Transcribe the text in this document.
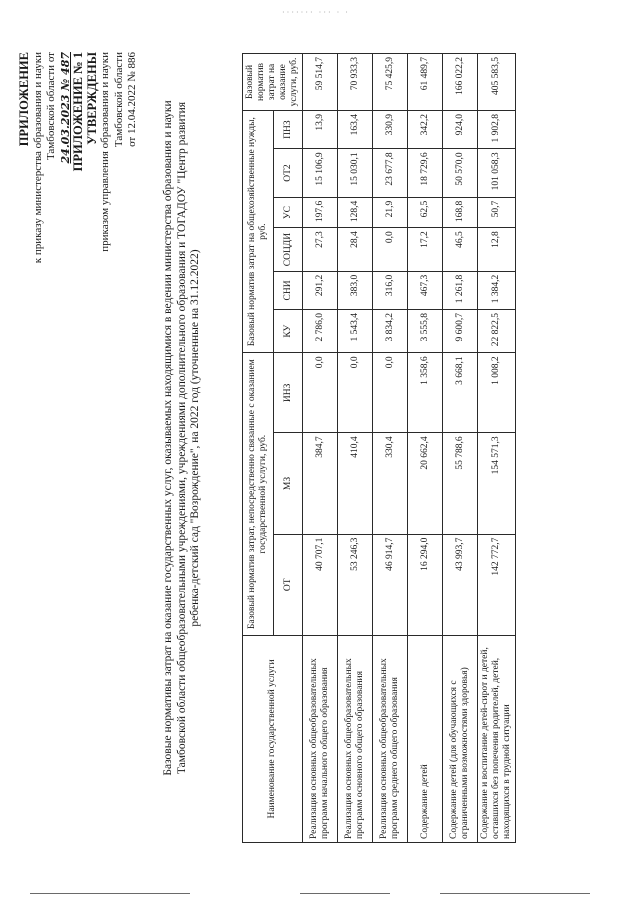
······· ··· · ·
ПРИЛОЖЕНИЕ к приказу министерства образования и науки Тамбовской области от 24.03.2023 № 487 ПРИЛОЖЕНИЕ № 1 УТВЕРЖДЕНЫ приказом управления образования и науки Тамбовской области от 12.04.2022 № 886
Базовые нормативы затрат на оказание государственных услуг, оказываемых находящимися в ведении министерства образования и науки Тамбовской области общеобразовательными учреждениями, учреждениями дополнительного образования и ТОГАДОУ "Центр развития ребенка-детский сад "Возрождение", на 2022 год (уточненные на 31.12.2022)
Наименование государственной услуги	Базовый норматив затрат, непосредственно связанные с оказанием государственной услуги, руб.			Базовый норматив затрат на общехозяйственные нужды, руб.						Базовый норматив затрат на оказание услуги, руб.
	ОТ	МЗ	ИНЗ	КУ	СНИ	СОЦДИ	УС	ОТ2	ПНЗ	
Реализация основных общеобразовательных программ начального общего образования	40 707,1	384,7	0,0	2 786,0	291,2	27,3	197,6	15 106,9	13,9	59 514,7
Реализация основных общеобразовательных программ основного общего образования	53 246,3	410,4	0,0	1 543,4	383,0	28,4	128,4	15 030,1	163,4	70 933,3
Реализация основных общеобразовательных программ среднего общего образования	46 914,7	330,4	0,0	3 834,2	316,0	0,0	21,9	23 677,8	330,9	75 425,9
Содержание детей	16 294,0	20 662,4	1 358,6	3 555,8	467,3	17,2	62,5	18 729,6	342,2	61 489,7
Содержание детей (для обучающихся с ограниченными возможностями здоровья)	43 993,7	55 788,6	3 668,1	9 600,7	1 261,8	46,5	168,8	50 570,0	924,0	166 022,2
Содержание и воспитание детей-сирот и детей, оставшихся без попечения родителей, детей, находящихся в трудной ситуации	142 772,7	154 571,3	1 008,2	22 822,5	1 384,2	12,8	50,7	101 058,3	1 902,8	405 583,5
